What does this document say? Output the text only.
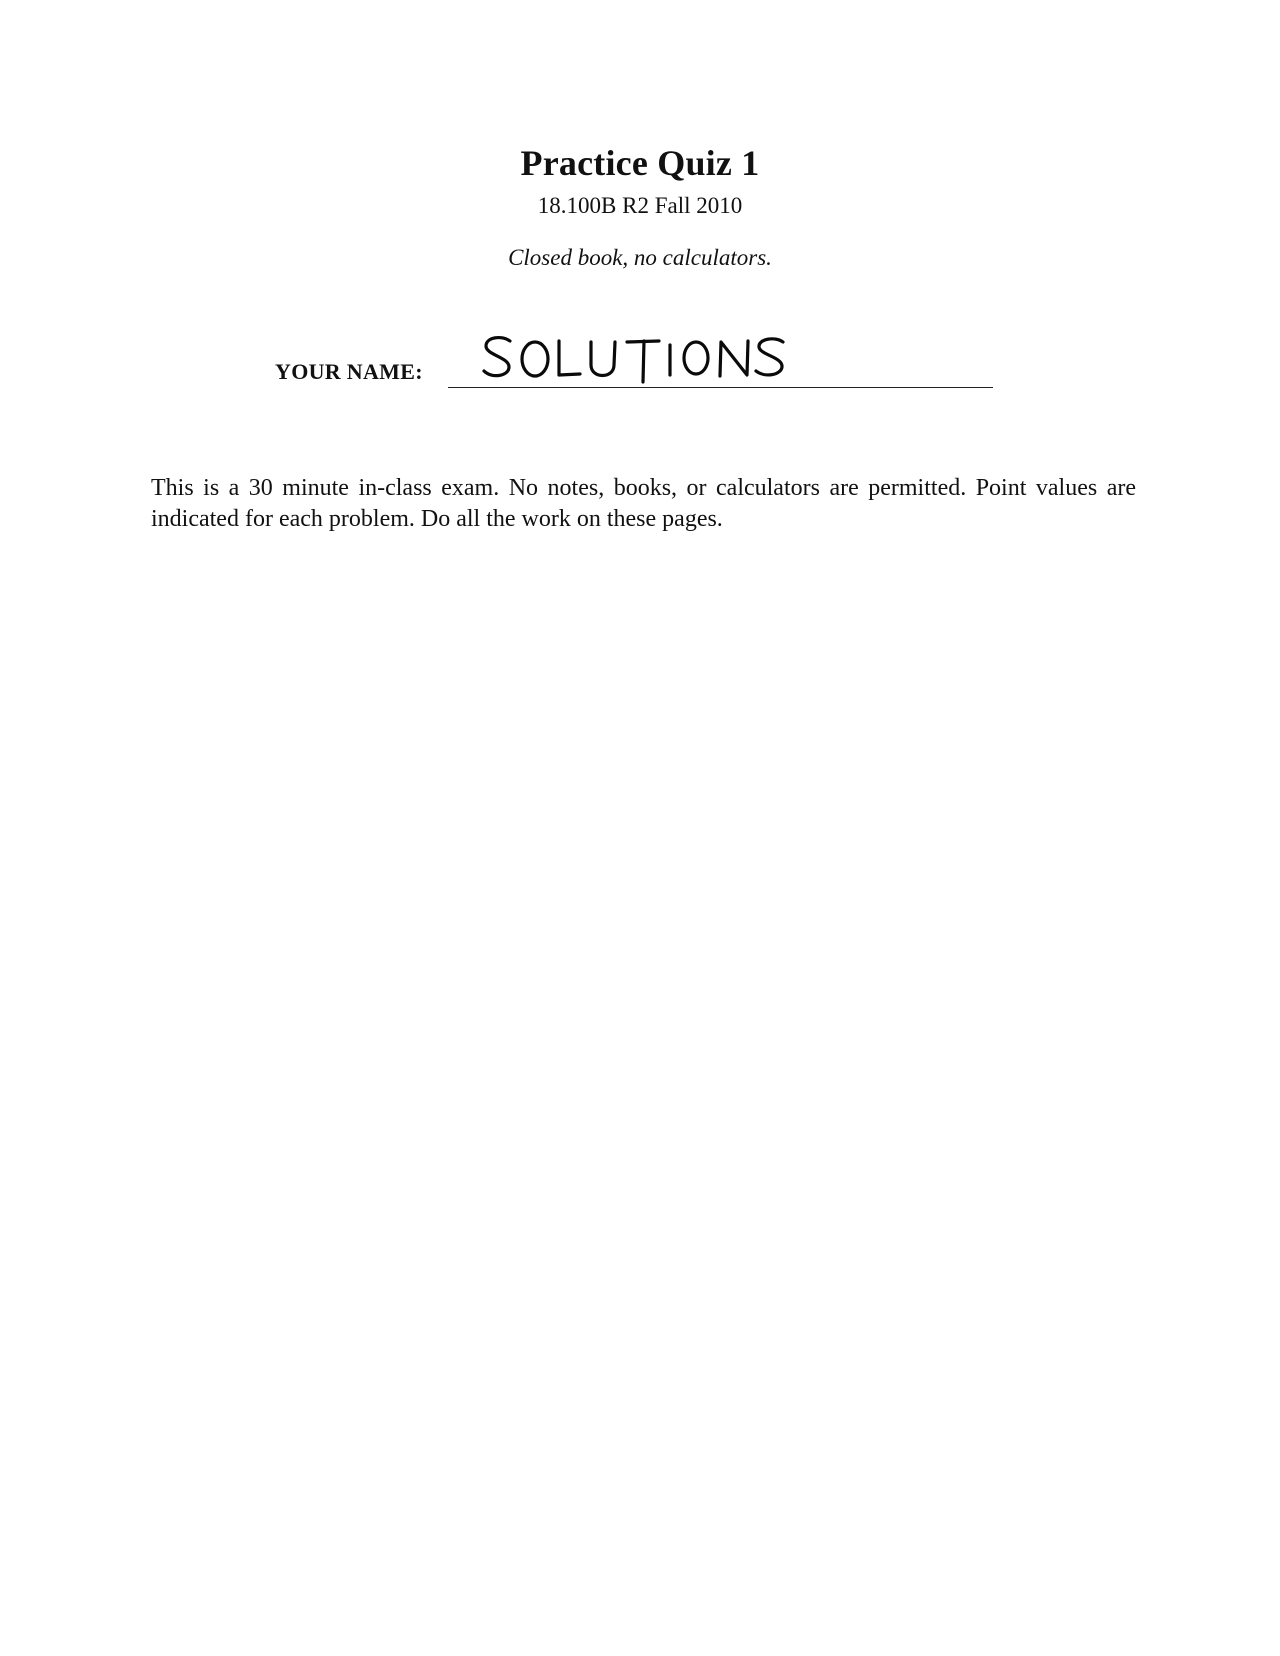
Practice Quiz 1

18.100B R2 Fall 2010

Closed book, no calculators.

YOUR NAME:

This is a 30 minute in-class exam. No notes, books, or calculators are permitted. Point values are indicated for each problem. Do all the work on these pages.
